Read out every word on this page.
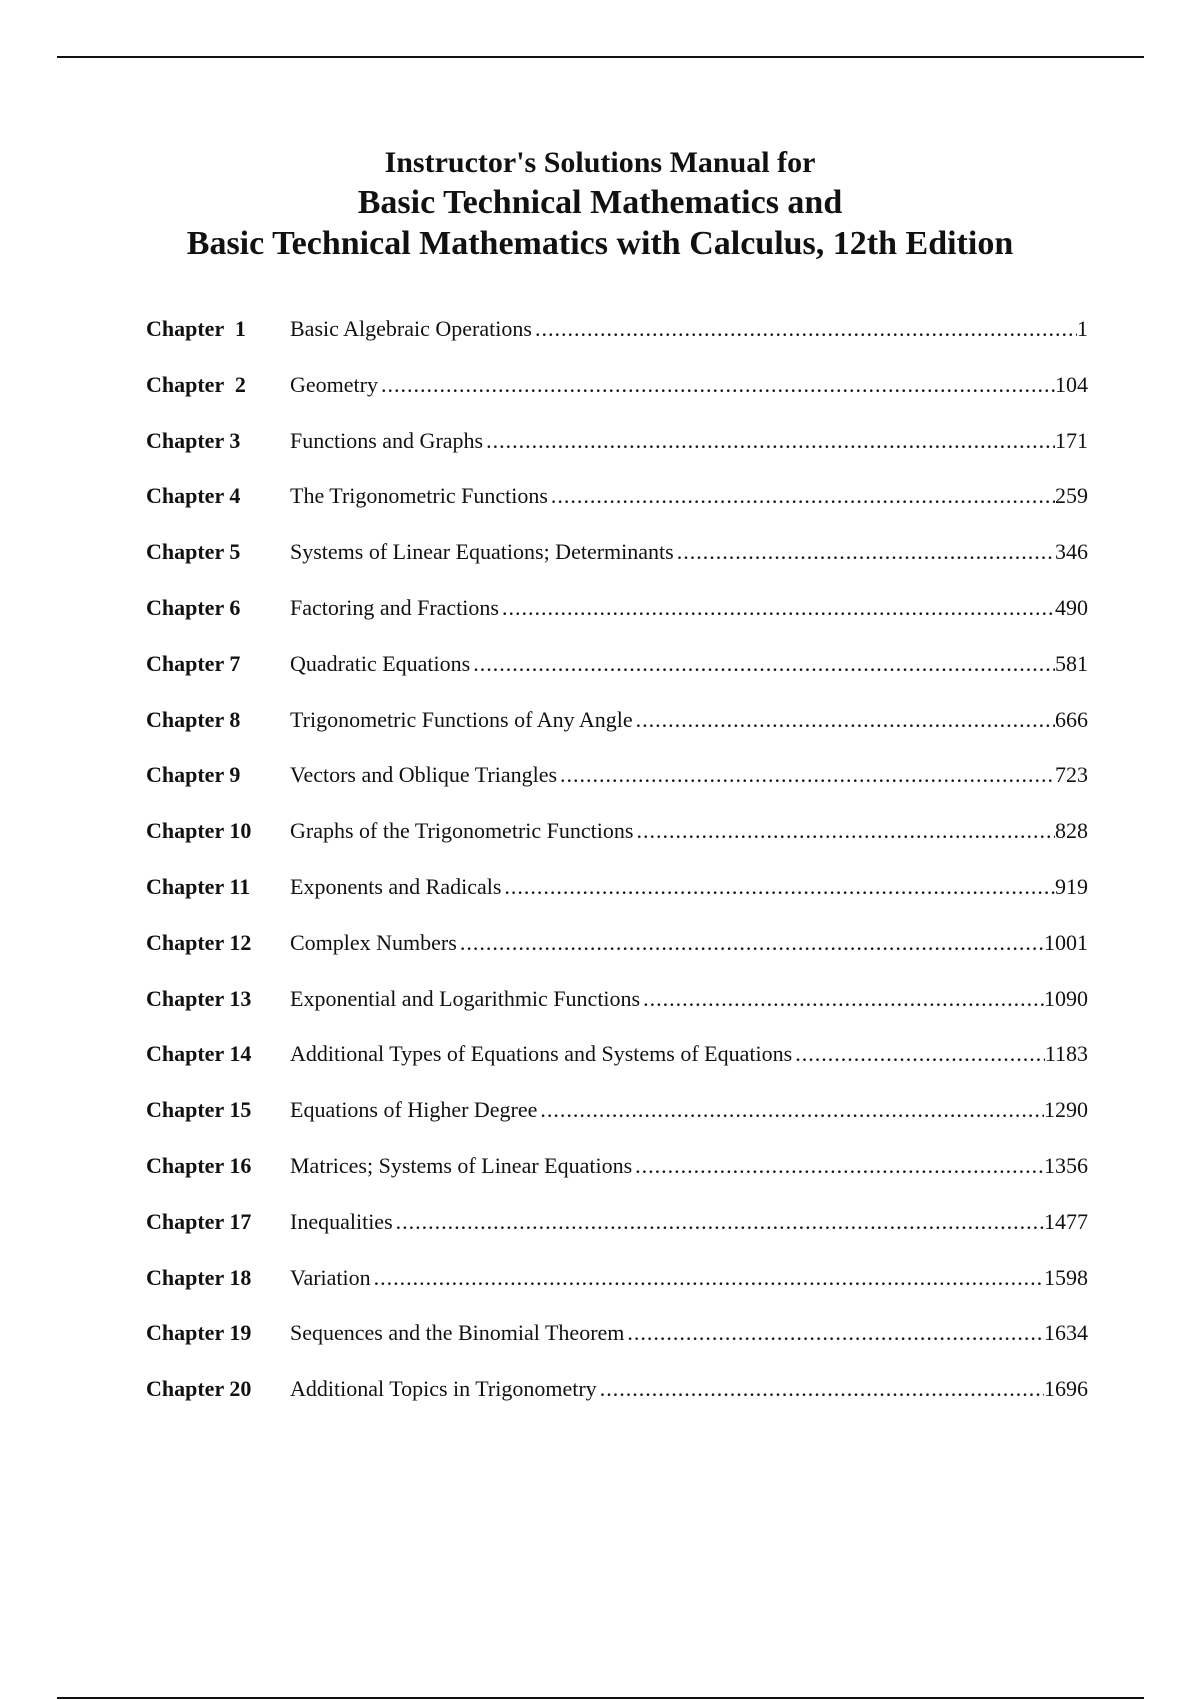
Instructor's Solutions Manual for
Basic Technical Mathematics and
Basic Technical Mathematics with Calculus, 12th Edition
Chapter  1	Basic Algebraic Operations .....	1
Chapter  2	Geometry .....	104
Chapter 3	Functions and Graphs .....	171
Chapter 4	The Trigonometric Functions .....	259
Chapter 5	Systems of Linear Equations; Determinants .....	346
Chapter 6	Factoring and Fractions .....	490
Chapter 7	Quadratic Equations .....	581
Chapter 8	Trigonometric Functions of Any Angle .....	666
Chapter 9	Vectors and Oblique Triangles .....	723
Chapter 10	Graphs of the Trigonometric Functions .....	828
Chapter 11	Exponents and Radicals .....	919
Chapter 12	Complex Numbers .....	1001
Chapter 13	Exponential and Logarithmic Functions .....	1090
Chapter 14	Additional Types of Equations and Systems of Equations .....	1183
Chapter 15	Equations of Higher Degree .....	1290
Chapter 16	Matrices; Systems of Linear Equations .....	1356
Chapter 17	Inequalities .....	1477
Chapter 18	Variation .....	1598
Chapter 19	Sequences and the Binomial Theorem .....	1634
Chapter 20	Additional Topics in Trigonometry .....	1696
